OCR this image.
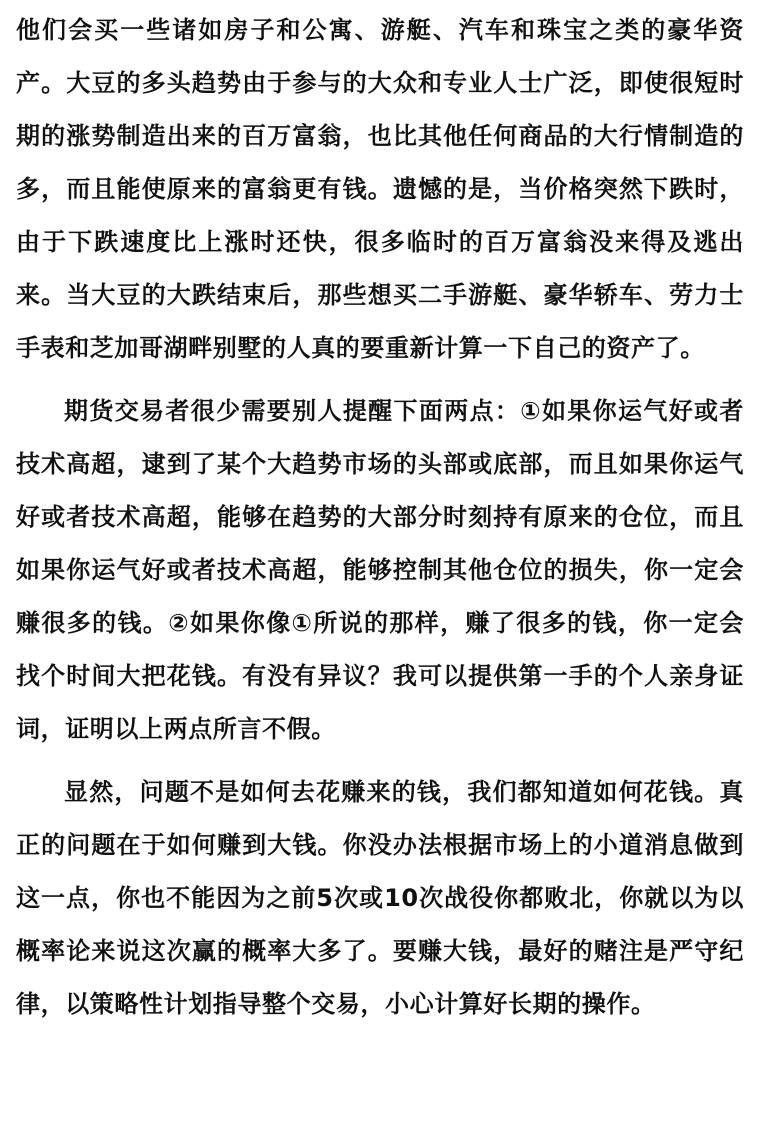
他们会买一些诸如房子和公寓、游艇、汽车和珠宝之类的豪华资产。大豆的多头趋势由于参与的大众和专业人士广泛，即使很短时期的涨势制造出来的百万富翁，也比其他任何商品的大行情制造的多，而且能使原来的富翁更有钱。遗憾的是，当价格突然下跌时，由于下跌速度比上涨时还快，很多临时的百万富翁没来得及逃出来。当大豆的大跌结束后，那些想买二手游艇、豪华轿车、劳力士手表和芝加哥湖畔别墅的人真的要重新计算一下自己的资产了。

期货交易者很少需要别人提醒下面两点：①如果你运气好或者技术高超，逮到了某个大趋势市场的头部或底部，而且如果你运气好或者技术高超，能够在趋势的大部分时刻持有原来的仓位，而且如果你运气好或者技术高超，能够控制其他仓位的损失，你一定会赚很多的钱。②如果你像①所说的那样，赚了很多的钱，你一定会找个时间大把花钱。有没有异议？我可以提供第一手的个人亲身证词，证明以上两点所言不假。

显然，问题不是如何去花赚来的钱，我们都知道如何花钱。真正的问题在于如何赚到大钱。你没办法根据市场上的小道消息做到这一点，你也不能因为之前5次或10次战役你都败北，你就以为以概率论来说这次赢的概率大多了。要赚大钱，最好的赌注是严守纪律，以策略性计划指导整个交易，小心计算好长期的操作。
